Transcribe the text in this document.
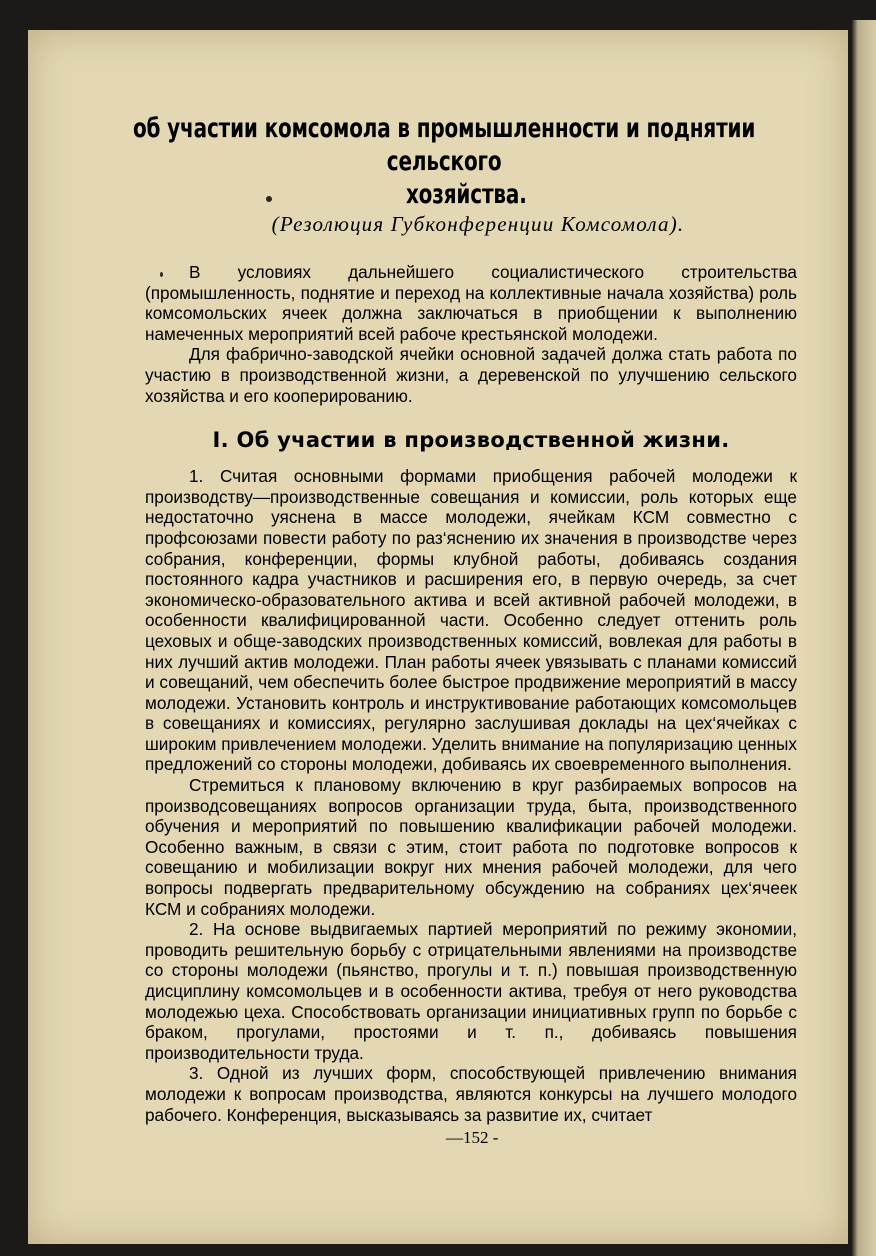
об участии комсомола в промышленности и поднятии сельского
хозяйства.
(Резолюция Губконференции Комсомола).

В условиях дальнейшего социалистического строительства (промышленность, поднятие и переход на коллективные начала хозяйства) роль комсомольских ячеек должна заключаться в приобщении к выполнению намеченных мероприятий всей рабоче крестьянской молодежи.

Для фабрично-заводской ячейки основной задачей должа стать работа по участию в производственной жизни, а деревенской по улучшению сельского хозяйства и его кооперированию.

I. Об участии в производственной жизни.

1. Считая основными формами приобщения рабочей молодежи к производству—производственные совещания и комиссии, роль которых еще недостаточно уяснена в массе молодежи, ячейкам КСМ совместно с профсоюзами повести работу по раз‘яснению их значения в производстве через собрания, конференции, формы клубной работы, добиваясь создания постоянного кадра участников и расширения его, в первую очередь, за счет экономическо-образовательного актива и всей активной рабочей молодежи, в особенности квалифицированной части. Особенно следует оттенить роль цеховых и обще-заводских производственных комиссий, вовлекая для работы в них лучший актив молодежи. План работы ячеек увязывать с планами комиссий и совещаний, чем обеспечить более быстрое продвижение мероприятий в массу молодежи. Установить контроль и инструктивование работающих комсомольцев в совещаниях и комиссиях, регулярно заслушивая доклады на цех‘ячейках с широким привлечением молодежи. Уделить внимание на популяризацию ценных предложений со стороны молодежи, добиваясь их своевременного выполнения.

Стремиться к плановому включению в круг разбираемых вопросов на производсовещаниях вопросов организации труда, быта, производственного обучения и мероприятий по повышению квалификации рабочей молодежи. Особенно важным, в связи с этим, стоит работа по подготовке вопросов к совещанию и мобилизации вокруг них мнения рабочей молодежи, для чего вопросы подвергать предварительному обсуждению на собраниях цех‘ячеек КСМ и собраниях молодежи.

2. На основе выдвигаемых партией мероприятий по режиму экономии, проводить решительную борьбу с отрицательными явлениями на производстве со стороны молодежи (пьянство, прогулы и т. п.) повышая производственную дисциплину комсомольцев и в особенности актива, требуя от него руководства молодежью цеха. Способствовать организации инициативных групп по борьбе с браком, прогулами, простоями и т. п., добиваясь повышения производительности труда.

3. Одной из лучших форм, способствующей привлечению внимания молодежи к вопросам производства, являются конкурсы на лучшего молодого рабочего. Конференция, высказываясь за развитие их, считает

—152 -
